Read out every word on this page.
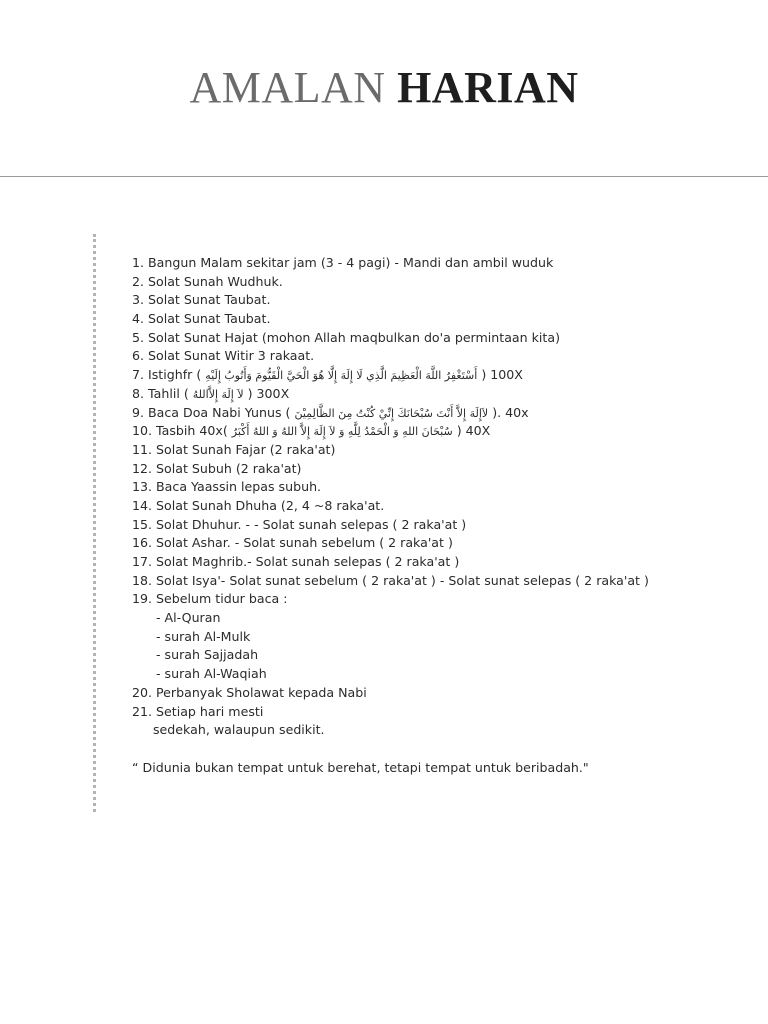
AMALAN HARIAN
1. Bangun Malam sekitar jam (3 - 4 pagi) - Mandi dan ambil wuduk
2. Solat Sunah Wudhuk.
3. Solat Sunat Taubat.
4. Solat Sunat Taubat.
5. Solat Sunat Hajat (mohon Allah maqbulkan do'a permintaan kita)
6. Solat Sunat Witir 3 rakaat.
7. Istighfr ( أَسْتَغْفِرُ اللَّهَ الْعَظِيمَ الَّذِي لَا إِلَهَ إِلَّا هُوَ الْحَيَّ الْقَيُّومَ وَأَتُوبُ إِلَيْهِ ) 100X
8. Tahlil ( لاَ إِلَهَ إِلاَّاللهُ ) 300X
9. Baca Doa Nabi Yunus ( لاَإِلَهَ إِلاَّ أَنْتَ سُبْحَانَكَ إِنِّيْ كُنْتُ مِنَ الظَّالِمِيْنَ ). 40x
10. Tasbih 40x( سُبْحَانَ اللهِ وَ الْحَمْدُ لِلَّهِ وَ لاَ إِلَهَ إِلاَّ اللهُ وَ اللهُ أَكْبَرُ ) 40X
11. Solat Sunah Fajar (2 raka'at)
12. Solat Subuh (2 raka'at)
13. Baca Yaassin lepas subuh.
14. Solat Sunah Dhuha (2, 4 ~8 raka'at.
15. Solat Dhuhur. - - Solat sunah selepas ( 2 raka'at )
16. Solat Ashar. - Solat sunah sebelum ( 2 raka'at )
17. Solat Maghrib.- Solat sunah selepas ( 2 raka'at )
18. Solat Isya'- Solat sunat sebelum ( 2 raka'at ) - Solat sunat selepas ( 2 raka'at )
19. Sebelum tidur baca :
- Al-Quran
- surah Al-Mulk
- surah Sajjadah
- surah Al-Waqiah
20. Perbanyak Sholawat kepada Nabi
21. Setiap hari mesti
sedekah, walaupun sedikit.
“ Didunia bukan tempat untuk berehat, tetapi tempat untuk beribadah."
